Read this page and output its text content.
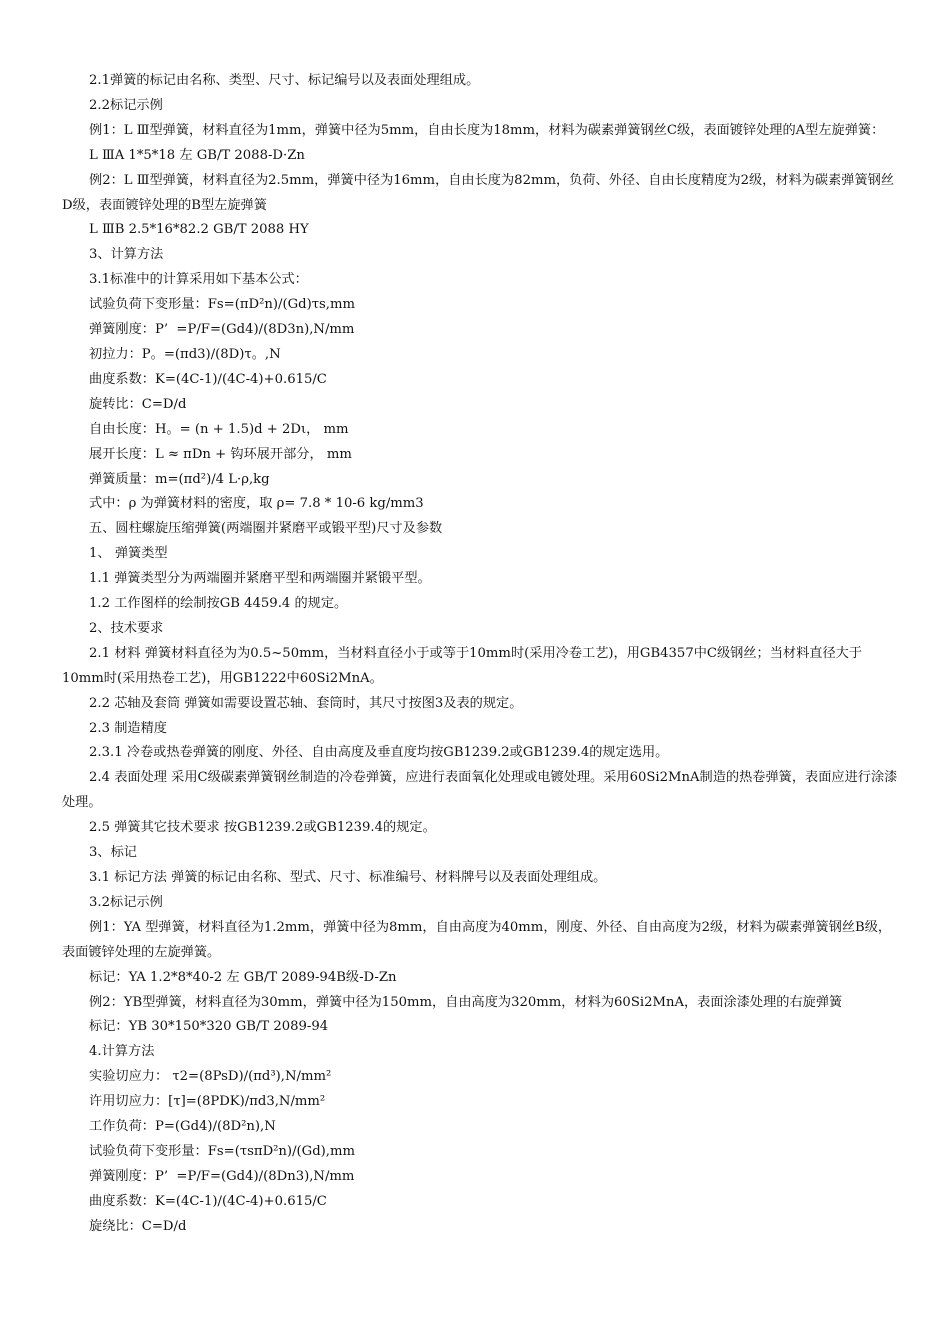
2.1弹簧的标记由名称、类型、尺寸、标记编号以及表面处理组成。

2.2标记示例

例1：L Ⅲ型弹簧，材料直径为1mm，弹簧中径为5mm，自由长度为18mm，材料为碳素弹簧钢丝C级，表面镀锌处理的A型左旋弹簧：

L ⅢA 1*5*18 左 GB/T 2088-D·Zn

例2：L Ⅲ型弹簧，材料直径为2.5mm，弹簧中径为16mm，自由长度为82mm，负荷、外径、自由长度精度为2级，材料为碳素弹簧钢丝D级，表面镀锌处理的B型左旋弹簧

L ⅢB 2.5*16*82.2 GB/T 2088 HY

3、计算方法

3.1标准中的计算采用如下基本公式：

试验负荷下变形量：Fs=(πD²n)/(Gd)τs,mm

弹簧刚度：P’  =P/F=(Gd4)/(8D3n),N/mm

初拉力：P。=(πd3)/(8D)τ。,N

曲度系数：K=(4C-1)/(4C-4)+0.615/C

旋转比：C=D/d

自由长度：H。= (n + 1.5)d + 2Dι， mm

展开长度：L ≈ πDn + 钩环展开部分， mm

弹簧质量：m=(πd²)/4 L·ρ,kg

式中：ρ 为弹簧材料的密度，取 ρ= 7.8 * 10-6 kg/mm3

五、圆柱螺旋压缩弹簧(两端圈并紧磨平或锻平型)尺寸及参数

1、 弹簧类型

1.1 弹簧类型分为两端圈并紧磨平型和两端圈并紧锻平型。

1.2 工作图样的绘制按GB 4459.4 的规定。

2、技术要求

2.1 材料 弹簧材料直径为为0.5~50mm，当材料直径小于或等于10mm时(采用冷卷工艺)，用GB4357中C级钢丝；当材料直径大于10mm时(采用热卷工艺)，用GB1222中60Si2MnA。

2.2 芯轴及套筒 弹簧如需要设置芯轴、套筒时，其尺寸按图3及表的规定。

2.3 制造精度

2.3.1 冷卷或热卷弹簧的刚度、外径、自由高度及垂直度均按GB1239.2或GB1239.4的规定选用。

2.4 表面处理 采用C级碳素弹簧钢丝制造的冷卷弹簧，应进行表面氧化处理或电镀处理。采用60Si2MnA制造的热卷弹簧，表面应进行涂漆处理。

2.5 弹簧其它技术要求 按GB1239.2或GB1239.4的规定。

3、标记

3.1 标记方法 弹簧的标记由名称、型式、尺寸、标准编号、材料牌号以及表面处理组成。

3.2标记示例

例1：YA 型弹簧，材料直径为1.2mm，弹簧中径为8mm，自由高度为40mm，刚度、外径、自由高度为2级，材料为碳素弹簧钢丝B级，表面镀锌处理的左旋弹簧。

标记：YA 1.2*8*40-2 左 GB/T 2089-94B级-D-Zn

例2：YB型弹簧，材料直径为30mm，弹簧中径为150mm，自由高度为320mm，材料为60Si2MnA，表面涂漆处理的右旋弹簧

标记：YB 30*150*320 GB/T 2089-94

4.计算方法

实验切应力： τ2=(8PsD)/(πd³),N/mm²

许用切应力：[τ]=(8PDK)/πd3,N/mm²

工作负荷：P=(Gd4)/(8D²n),N

试验负荷下变形量：Fs=(τsπD²n)/(Gd),mm

弹簧刚度：P’  =P/F=(Gd4)/(8Dn3),N/mm

曲度系数：K=(4C-1)/(4C-4)+0.615/C

旋绕比：C=D/d
